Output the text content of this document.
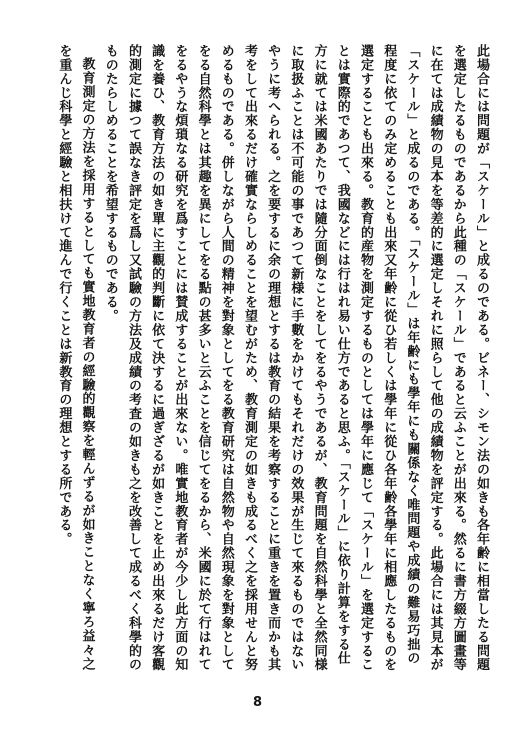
此場合には問題が「スケール」と成るのである。ビネー、シモン法の如きも各年齢に相當したる問題を選定したるものであるから此種の「スケール」であると云ふことが出來る。然るに書方綴方圖畫等に在ては成績物の見本を等差的に選定しそれに照らして他の成績物を評定する。此場合には其見本が「スケール」と成るのである。「スケール」は年齢にも學年にも關係なく唯問題や成績の難易巧拙の程度に依てのみ定めることも出來又年齢に從ひ若しくは學年に從ひ各年齢各學年に相應したるものを選定することも出來る。教育的産物を測定するものとしては學年に應じて「スケール」を選定することは實際的であつて、我國などには行はれ易い仕方であると思ふ。「スケール」に依り計算をする仕方に就ては米國あたりでは隨分面倒なことをしてをるやうであるが、教育問題を自然科學と全然同様に取扱ふことは不可能の事であつて新様に手數をかけてもそれだけの效果が生じて來るものではないやうに考へられる。之を要するに余の理想とするは教育の結果を考察することに重きを置き而かも其考をして出來るだけ確實ならしめることを望むがため、教育測定の如きも成るべく之を採用せんと努めるものである。併しながら人間の精神を對象としてをる教育研究は自然物や自然現象を對象としてをる自然科學とは其趣を異にしてをる點の甚多いと云ふことを信じてをるから、米國に於て行はれてをるやうな煩瑣なる研究を爲すことには賛成することが出來ない。唯實地教育者が今少し此方面の知識を養ひ、教育方法の如き單に主觀的判斷に依て決するに過ぎざるが如きことを止め出來るだけ客觀的測定に據つて誤なき評定を爲し又試驗の方法及成績の考査の如きも之を改善して成るべく科學的のものたらしめることを希望するものである。

教育測定の方法を採用するとしても實地教育者の經驗的觀察を輕んずるが如きことなく寧ろ益々之を重んじ科學と經驗と相扶けて進んで行くことは新教育の理想とする所である。

8
